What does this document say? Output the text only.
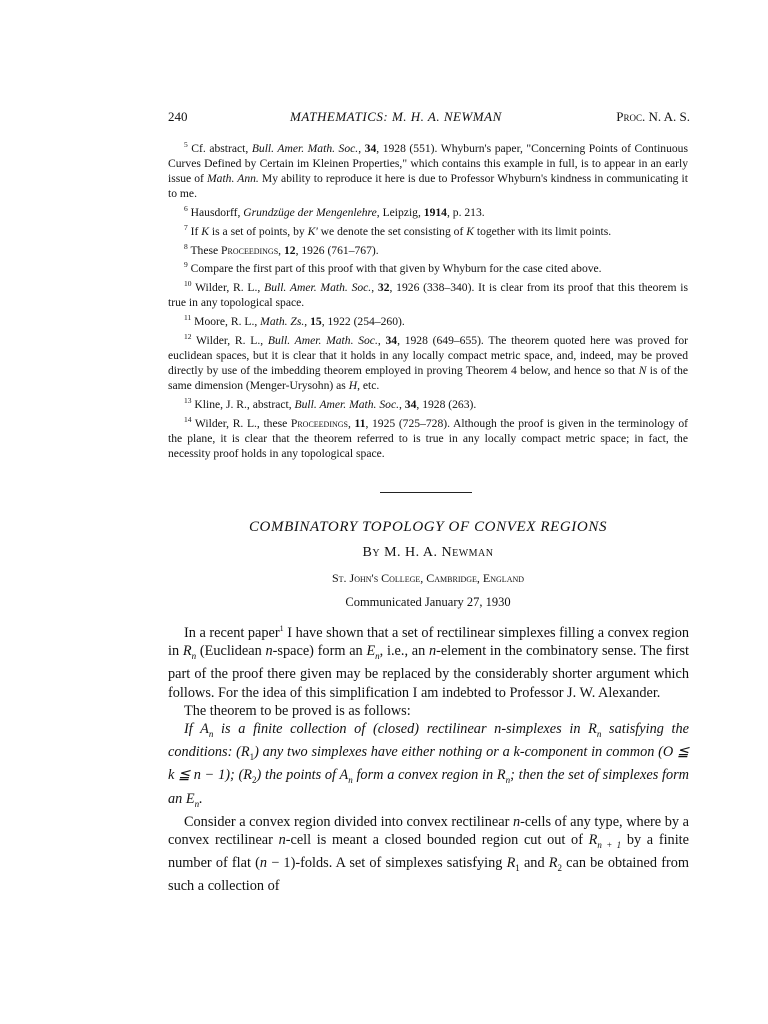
240	MATHEMATICS: M. H. A. NEWMAN	Proc. N. A. S.

$^5$ Cf. abstract, Bull. Amer. Math. Soc., 34, 1928 (551). Whyburn's paper, "Concerning Points of Continuous Curves Defined by Certain im Kleinen Properties," which contains this example in full, is to appear in an early issue of Math. Ann. My ability to reproduce it here is due to Professor Whyburn's kindness in communicating it to me.

$^6$ Hausdorff, Grundzüge der Mengenlehre, Leipzig, 1914, p. 213.

$^7$ If K is a set of points, by K' we denote the set consisting of K together with its limit points.

$^8$ These Proceedings, 12, 1926 (761–767).

$^9$ Compare the first part of this proof with that given by Whyburn for the case cited above.

$^{10}$ Wilder, R. L., Bull. Amer. Math. Soc., 32, 1926 (338–340). It is clear from its proof that this theorem is true in any topological space.

$^{11}$ Moore, R. L., Math. Zs., 15, 1922 (254–260).

$^{12}$ Wilder, R. L., Bull. Amer. Math. Soc., 34, 1928 (649–655). The theorem quoted here was proved for euclidean spaces, but it is clear that it holds in any locally compact metric space, and, indeed, may be proved directly by use of the imbedding theorem employed in proving Theorem 4 below, and hence so that N is of the same dimension (Menger-Urysohn) as H, etc.

$^{13}$ Kline, J. R., abstract, Bull. Amer. Math. Soc., 34, 1928 (263).

$^{14}$ Wilder, R. L., these Proceedings, 11, 1925 (725–728). Although the proof is given in the terminology of the plane, it is clear that the theorem referred to is true in any locally compact metric space; in fact, the necessity proof holds in any topological space.

COMBINATORY TOPOLOGY OF CONVEX REGIONS
By M. H. A. Newman
St. John's College, Cambridge, England
Communicated January 27, 1930

In a recent paper$^1$ I have shown that a set of rectilinear simplexes filling a convex region in $R_n$ (Euclidean n-space) form an $E_n$, i.e., an n-element in the combinatory sense. The first part of the proof there given may be replaced by the considerably shorter argument which follows. For the idea of this simplification I am indebted to Professor J. W. Alexander.

The theorem to be proved is as follows:

If $A_n$ is a finite collection of (closed) rectilinear n-simplexes in $R_n$ satisfying the conditions: $(R_1)$ any two simplexes have either nothing or a k-component in common (O ≦ k ≦ n − 1); $(R_2)$ the points of $A_n$ form a convex region in $R_n$; then the set of simplexes form an $E_n$.

Consider a convex region divided into convex rectilinear n-cells of any type, where by a convex rectilinear n-cell is meant a closed bounded region cut out of $R_{n + 1}$ by a finite number of flat (n − 1)-folds. A set of simplexes satisfying $R_1$ and $R_2$ can be obtained from such a collection of
